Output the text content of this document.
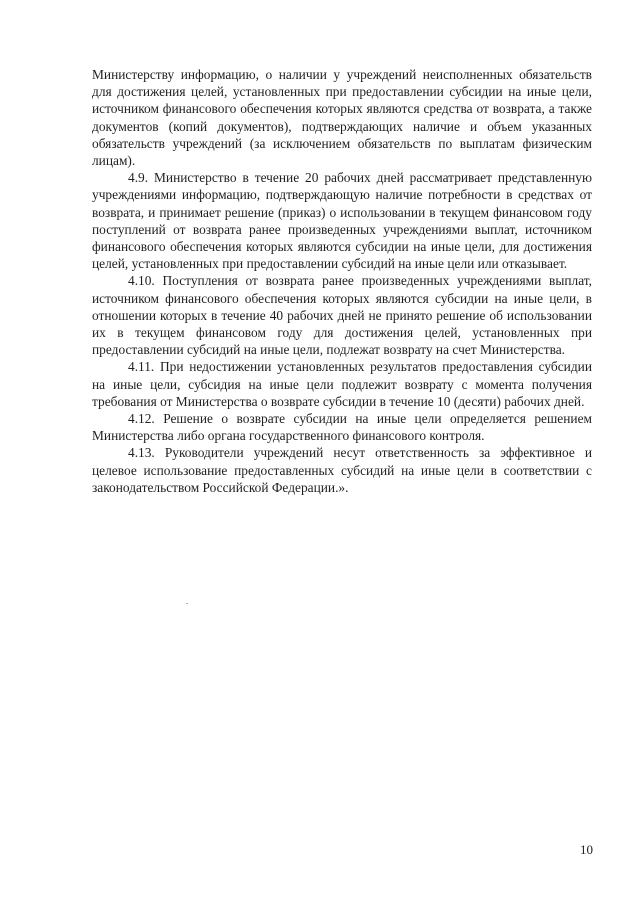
Министерству информацию, о наличии у учреждений неисполненных обязательств для достижения целей, установленных при предоставлении субсидии на иные цели, источником финансового обеспечения которых являются средства от возврата, а также документов (копий документов), подтверждающих наличие и объем указанных обязательств учреждений (за исключением обязательств по выплатам физическим лицам).

4.9. Министерство в течение 20 рабочих дней рассматривает представленную учреждениями информацию, подтверждающую наличие потребности в средствах от возврата, и принимает решение (приказ) о использовании в текущем финансовом году поступлений от возврата ранее произведенных учреждениями выплат, источником финансового обеспечения которых являются субсидии на иные цели, для достижения целей, установленных при предоставлении субсидий на иные цели или отказывает.

4.10. Поступления от возврата ранее произведенных учреждениями выплат, источником финансового обеспечения которых являются субсидии на иные цели, в отношении которых в течение 40 рабочих дней не принято решение об использовании их в текущем финансовом году для достижения целей, установленных при предоставлении субсидий на иные цели, подлежат возврату на счет Министерства.

4.11. При недостижении установленных результатов предоставления субсидии на иные цели, субсидия на иные цели подлежит возврату с момента получения требования от Министерства о возврате субсидии в течение 10 (десяти) рабочих дней.

4.12. Решение о возврате субсидии на иные цели определяется решением Министерства либо органа государственного финансового контроля.

4.13. Руководители учреждений несут ответственность за эффективное и целевое использование предоставленных субсидий на иные цели в соответствии с законодательством Российской Федерации.».

10
